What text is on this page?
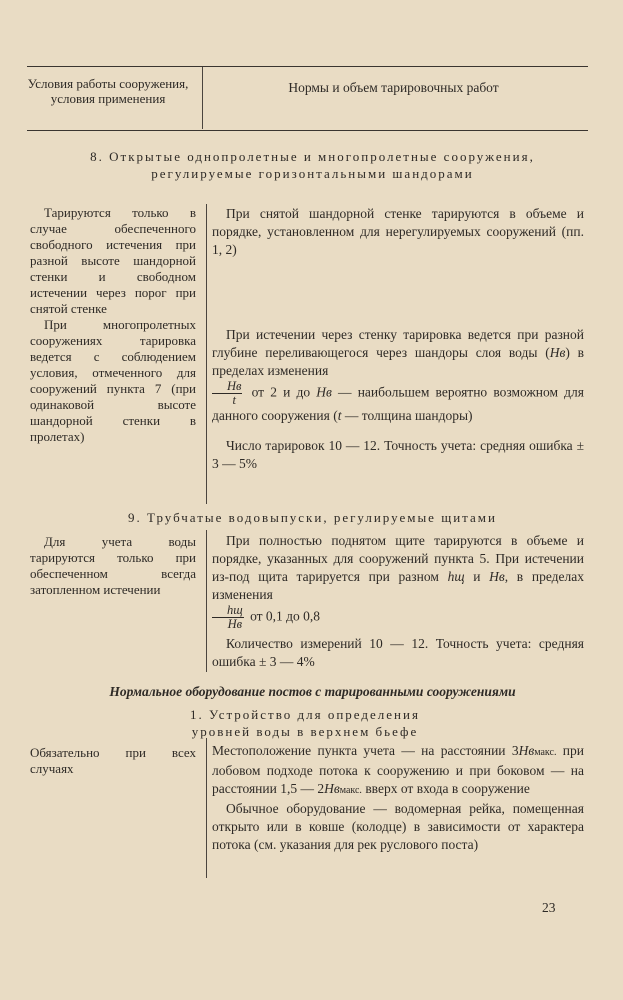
Условия работы сооружения, условия применения
Нормы и объем тарировочных работ
8. Открытые однопролетные и многопролетные сооружения, регулируемые горизонтальными шандорами

Тарируются только в случае обеспеченного свободного истечения при разной высоте шандорной стенки и свободном истечении через порог при снятой стенке

При многопролетных сооружениях тарировка ведется с соблюдением условия, отмеченного для сооружений пункта 7 (при одинаковой высоте шандорной стенки в пролетах)

При снятой шандорной стенке тарируются в объеме и порядке, установленном для нерегулируемых сооружений (пп. 1, 2)

При истечении через стенку тарировка ведется при разной глубине переливающегося через шандоры слоя воды (Hв) в пределах изменения

$\frac{Hв}{t}$ от 2 и до Hв — наибольшем вероятно возможном для данного сооружения (t — толщина шандоры)

Число тарировок 10 — 12. Точность учета: средняя ошибка ± 3 — 5%

9. Трубчатые водовыпуски, регулируемые щитами

Для учета воды тарируются только при обеспеченном всегда затопленном истечении

При полностью поднятом щите тарируются в объеме и порядке, указанных для сооружений пункта 5. При истечении из-под щита тарируется при разном hщ и Hв, в пределах изменения

$\frac{hщ}{Hв}$ от 0,1 до 0,8

Количество измерений 10 — 12. Точность учета: средняя ошибка ± 3 — 4%

Нормальное оборудование постов с тарированными сооружениями
1. Устройство для определения уровней воды в верхнем бьефе

Обязательно при всех случаях

Местоположение пункта учета — на расстоянии 3Hвмакс. при лобовом подходе потока к сооружению и при боковом — на расстоянии 1,5 — 2Hвмакс. вверх от входа в сооружение

Обычное оборудование — водомерная рейка, помещенная открыто или в ковше (колодце) в зависимости от характера потока (см. указания для рек руслового поста)

23
